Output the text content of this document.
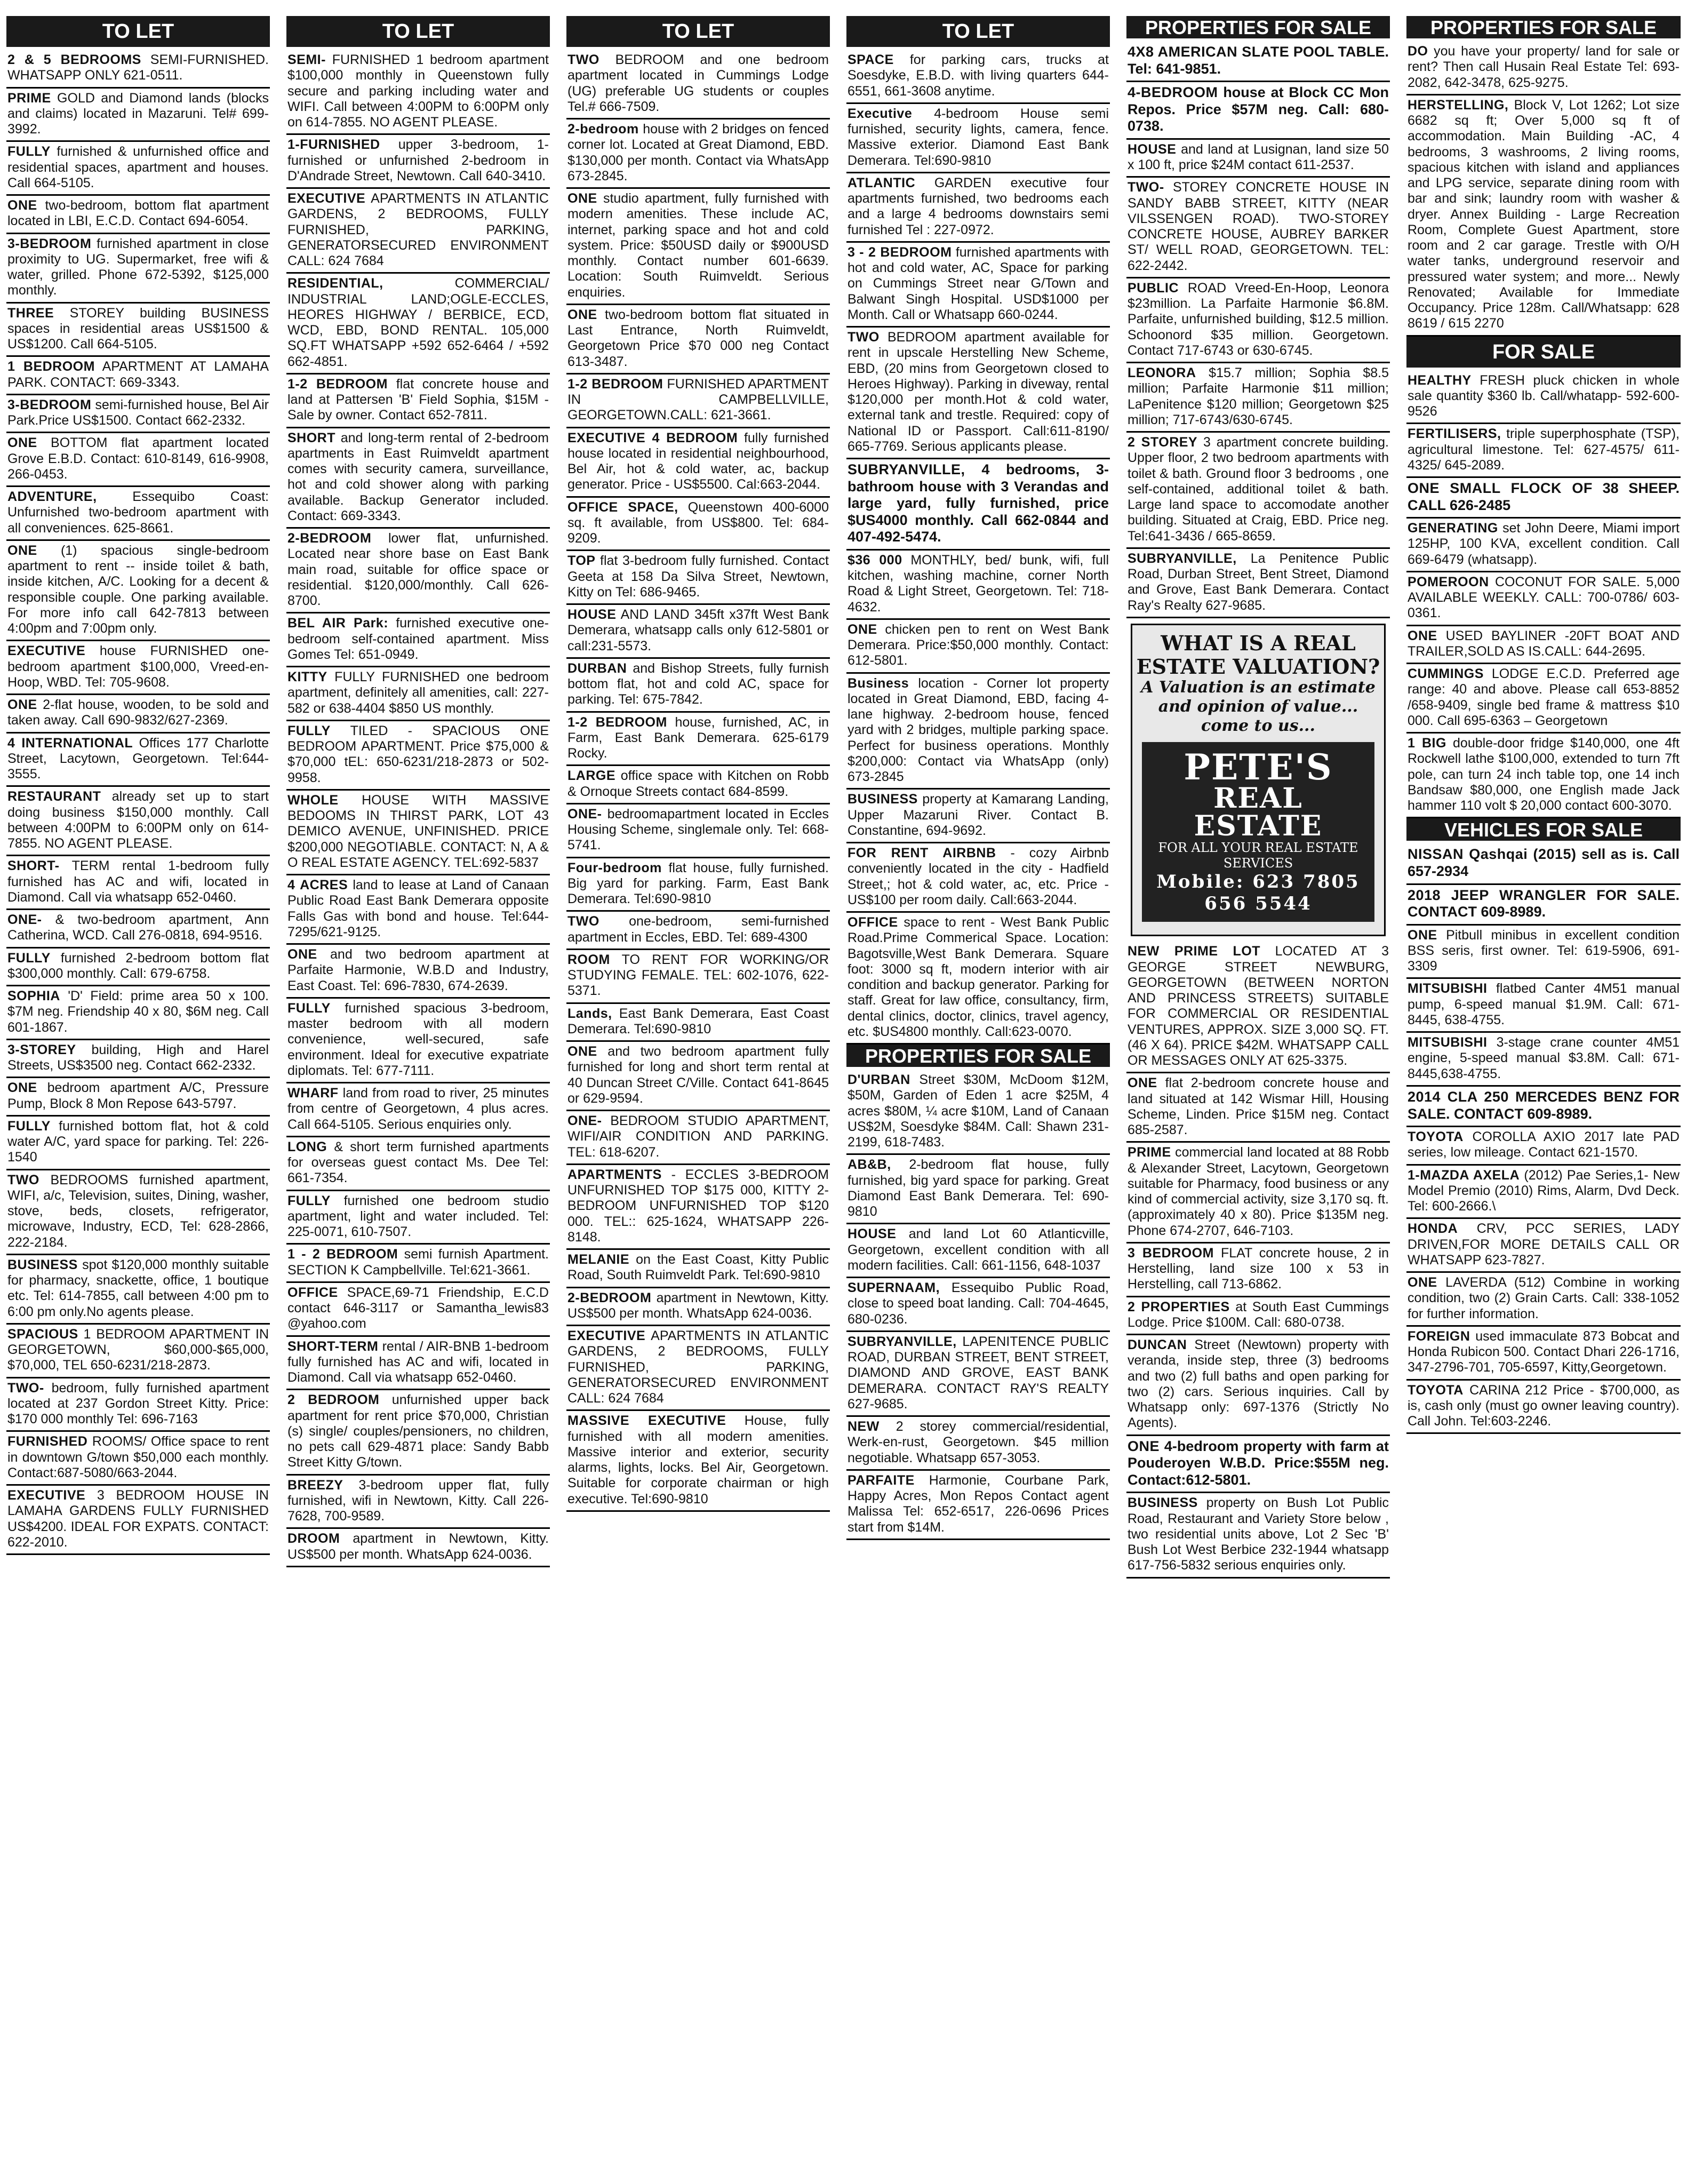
TO LET
2 & 5 BEDROOMS SEMI-FURNISHED. WHATSAPP ONLY 621-0511.
PRIME GOLD and Diamond lands (blocks and claims) located in Mazaruni. Tel# 699-3992.
FULLY furnished & unfurnished office and residential spaces, apartment and houses. Call 664-5105.
ONE two-bedroom, bottom flat apartment located in LBI, E.C.D. Contact 694-6054.
3-BEDROOM furnished apartment in close proximity to UG. Supermarket, free wifi & water, grilled. Phone 672-5392, $125,000 monthly.
THREE STOREY building BUSINESS spaces in residential areas US$1500 & US$1200. Call 664-5105.
1 BEDROOM APARTMENT AT LAMAHA PARK. CONTACT: 669-3343.
3-BEDROOM semi-furnished house, Bel Air Park.Price US$1500. Contact 662-2332.
ONE BOTTOM flat apartment located Grove E.B.D. Contact: 610-8149, 616-9908, 266-0453.
ADVENTURE,	Essequibo Coast: Unfurnished two-bedroom apartment with all conveniences. 625-8661.
ONE (1) spacious single-bedroom apartment to rent -- inside toilet & bath, inside kitchen, A/C. Looking for a decent & responsible couple. One parking available. For more info call 642-7813 between 4:00pm and 7:00pm only.
EXECUTIVE house FURNISHED one-bedroom apartment $100,000, Vreed-en-Hoop, WBD. Tel: 705-9608.
ONE 2-flat house, wooden, to be sold and taken away. Call 690-9832/627-2369.
4 INTERNATIONAL Offices 177 Charlotte Street, Lacytown, Georgetown. Tel:644-3555.
RESTAURANT already set up to start doing business $150,000 monthly. Call between 4:00PM to 6:00PM only on 614-7855. NO AGENT PLEASE.
SHORT- TERM rental 1-bedroom fully furnished has AC and wifi, located in Diamond. Call via whatsapp 652-0460.
ONE- & two-bedroom apartment, Ann Catherina, WCD. Call 276-0818, 694-9516.
FULLY furnished 2-bedroom bottom flat $300,000 monthly. Call: 679-6758.
SOPHIA 'D' Field: prime area 50 x 100. $7M neg. Friendship 40 x 80, $6M neg. Call 601-1867.
3-STOREY building, High and Harel Streets, US$3500 neg. Contact 662-2332.
ONE bedroom apartment A/C, Pressure Pump, Block 8 Mon Repose 643-5797.
FULLY furnished bottom flat, hot & cold water A/C, yard space for parking. Tel: 226-1540
TWO BEDROOMS furnished apartment, WIFI, a/c, Television, suites, Dining, washer, stove, beds, closets, refrigerator, microwave, Industry, ECD, Tel: 628-2866, 222-2184.
BUSINESS spot $120,000 monthly suitable for pharmacy, snackette, office, 1 boutique etc. Tel: 614-7855, call between 4:00 pm to 6:00 pm only.No agents please.
SPACIOUS 1 BEDROOM APARTMENT IN GEORGETOWN, $60,000-$65,000, $70,000, TEL 650-6231/218-2873.
TWO- bedroom, fully furnished apartment located at 237 Gordon Street Kitty. Price: $170 000 monthly Tel: 696-7163
FURNISHED ROOMS/ Office space to rent in downtown G/town $50,000 each monthly. Contact:687-5080/663-2044.
EXECUTIVE 3 BEDROOM HOUSE IN LAMAHA GARDENS FULLY FURNISHED US$4200. IDEAL FOR EXPATS. CONTACT: 622-2010.
TO LET
SEMI- FURNISHED 1 bedroom apartment $100,000 monthly in Queenstown fully secure and parking including water and WIFI. Call between 4:00PM to 6:00PM only on 614-7855. NO AGENT PLEASE.
1-FURNISHED upper 3-bedroom, 1-furnished or unfurnished 2-bedroom in D'Andrade Street, Newtown. Call 640-3410.
EXECUTIVE APARTMENTS IN ATLANTIC GARDENS, 2 BEDROOMS, FULLY FURNISHED, PARKING, GENERATORSECURED ENVIRONMENT CALL: 624 7684
RESIDENTIAL,	COMMERCIAL/ INDUSTRIAL LAND;OGLE-ECCLES, HEORES HIGHWAY / BERBICE, ECD, WCD, EBD, BOND RENTAL. 105,000 SQ.FT WHATSAPP +592 652-6464 / +592 662-4851.
1-2 BEDROOM flat concrete house and land at Pattersen 'B' Field Sophia, $15M - Sale by owner. Contact 652-7811.
SHORT and long-term rental of 2-bedroom apartments in East Ruimveldt apartment comes with security camera, surveillance, hot and cold shower along with parking available. Backup Generator included. Contact: 669-3343.
2-BEDROOM lower flat, unfurnished. Located near shore base on East Bank main road, suitable for office space or residential. $120,000/monthly. Call 626-8700.
BEL AIR Park: furnished executive one-bedroom self-contained apartment. Miss Gomes Tel: 651-0949.
KITTY FULLY FURNISHED one bedroom apartment, definitely all amenities, call: 227-582 or 638-4404 $850 US monthly.
FULLY TILED - SPACIOUS ONE BEDROOM APARTMENT. Price $75,000 & $70,000 tEL: 650-6231/218-2873 or 502-9958.
WHOLE HOUSE WITH MASSIVE BEDOOMS IN THIRST PARK, LOT 43 DEMICO AVENUE, UNFINISHED. PRICE $200,000 NEGOTIABLE. CONTACT: N, A & O REAL ESTATE AGENCY. TEL:692-5837
4 ACRES land to lease at Land of Canaan Public Road East Bank Demerara opposite Falls Gas with bond and house. Tel:644-7295/621-9125.
ONE and two bedroom apartment at Parfaite Harmonie, W.B.D and Industry, East Coast. Tel: 696-7830, 674-2639.
FULLY furnished spacious 3-bedroom, master bedroom with all modern convenience, well-secured, safe environment. Ideal for executive expatriate diplomats. Tel: 677-7111.
WHARF land from road to river, 25 minutes from centre of Georgetown, 4 plus acres. Call 664-5105. Serious enquiries only.
LONG & short term furnished apartments for overseas guest contact Ms. Dee Tel: 661-7354.
FULLY furnished one bedroom studio apartment, light and water included. Tel: 225-0071, 610-7507.
1 - 2 BEDROOM semi furnish Apartment. SECTION K Campbellville. Tel:621-3661.
OFFICE SPACE,69-71 Friendship, E.C.D contact 646-3117 or Samantha_lewis83 @yahoo.com
SHORT-TERM rental / AIR-BNB 1-bedroom fully furnished has AC and wifi, located in Diamond. Call via whatsapp 652-0460.
2 BEDROOM unfurnished upper back apartment for rent price $70,000, Christian (s) single/ couples/pensioners, no children, no pets call 629-4871 place: Sandy Babb Street Kitty G/town.
BREEZY 3-bedroom upper flat, fully furnished, wifi in Newtown, Kitty. Call 226-7628, 700-9589.
DROOM apartment in Newtown, Kitty. US$500 per month. WhatsApp 624-0036.
TO LET
TWO BEDROOM and one bedroom apartment located in Cummings Lodge (UG) preferable UG students or couples Tel.# 666-7509.
2-bedroom house with 2 bridges on fenced corner lot. Located at Great Diamond, EBD. $130,000 per month. Contact via WhatsApp 673-2845.
ONE studio apartment, fully furnished with modern amenities. These include AC, internet, parking space and hot and cold system. Price: $50USD daily or $900USD monthly. Contact number 601-6639. Location: South Ruimveldt. Serious enquiries.
ONE two-bedroom bottom flat situated in Last Entrance, North Ruimveldt, Georgetown Price $70 000 neg Contact 613-3487.
1-2 BEDROOM FURNISHED APARTMENT IN CAMPBELLVILLE, GEORGETOWN.CALL: 621-3661.
EXECUTIVE 4 BEDROOM fully furnished house located in residential neighbourhood, Bel Air, hot & cold water, ac, backup generator. Price - US$5500. Cal:663-2044.
OFFICE SPACE, Queenstown 400-6000 sq. ft available, from US$800. Tel: 684-9209.
TOP flat 3-bedroom fully furnished. Contact Geeta at 158 Da Silva Street, Newtown, Kitty on Tel: 686-9465.
HOUSE AND LAND 345ft x37ft West Bank Demerara, whatsapp calls only 612-5801 or call:231-5573.
DURBAN and Bishop Streets, fully furnish bottom flat, hot and cold AC, space for parking. Tel: 675-7842.
1-2 BEDROOM house, furnished, AC, in Farm, East Bank Demerara. 625-6179 Rocky.
LARGE office space with Kitchen on Robb & Ornoque Streets contact 684-8599.
ONE- bedroomapartment located in Eccles Housing Scheme, singlemale only. Tel: 668-5741.
Four-bedroom flat house, fully furnished. Big yard for parking. Farm, East Bank Demerara. Tel:690-9810
TWO one-bedroom, semi-furnished apartment in Eccles, EBD. Tel: 689-4300
ROOM TO RENT FOR WORKING/OR STUDYING FEMALE. TEL: 602-1076, 622-5371.
Lands, East Bank Demerara, East Coast Demerara. Tel:690-9810
ONE and two bedroom apartment fully furnished for long and short term rental at 40 Duncan Street C/Ville. Contact 641-8645 or 629-9594.
ONE- BEDROOM STUDIO APARTMENT, WIFI/AIR CONDITION AND PARKING. TEL: 618-6207.
APARTMENTS - ECCLES 3-BEDROOM UNFURNISHED TOP $175 000, KITTY 2-BEDROOM UNFURNISHED TOP $120 000. TEL:: 625-1624, WHATSAPP 226-8148.
MELANIE on the East Coast, Kitty Public Road, South Ruimveldt Park. Tel:690-9810
2-BEDROOM apartment in Newtown, Kitty. US$500 per month. WhatsApp 624-0036.
EXECUTIVE APARTMENTS IN ATLANTIC GARDENS, 2 BEDROOMS, FULLY FURNISHED, PARKING, GENERATORSECURED ENVIRONMENT CALL: 624 7684
MASSIVE EXECUTIVE House, fully furnished with all modern amenities. Massive interior and exterior, security alarms, lights, locks. Bel Air, Georgetown. Suitable for corporate chairman or high executive. Tel:690-9810
TO LET
SPACE for parking cars, trucks at Soesdyke, E.B.D. with living quarters 644-6551, 661-3608 anytime.
Executive 4-bedroom House semi furnished, security lights, camera, fence. Massive exterior. Diamond East Bank Demerara. Tel:690-9810
ATLANTIC GARDEN executive four apartments furnished, two bedrooms each and a large 4 bedrooms downstairs semi furnished Tel : 227-0972.
3 - 2 BEDROOM furnished apartments with hot and cold water, AC, Space for parking on Cummings Street near G/Town and Balwant Singh Hospital. USD$1000 per Month. Call or Whatsapp 660-0244.
TWO BEDROOM apartment available for rent in upscale Herstelling New Scheme, EBD, (20 mins from Georgetown closed to Heroes Highway). Parking in diveway, rental $120,000 per month.Hot & cold water, external tank and trestle. Required: copy of National ID or Passport. Call:611-8190/ 665-7769. Serious applicants please.
SUBRYANVILLE, 4 bedrooms, 3-bathroom house with 3 Verandas and large yard, fully furnished, price $US4000 monthly. Call 662-0844 and 407-492-5474.
$36 000 MONTHLY, bed/ bunk, wifi, full kitchen, washing machine, corner North Road & Light Street, Georgetown. Tel: 718-4632.
ONE chicken pen to rent on West Bank Demerara. Price:$50,000 monthly. Contact: 612-5801.
Business location - Corner lot property located in Great Diamond, EBD, facing 4-lane highway. 2-bedroom house, fenced yard with 2 bridges, multiple parking space. Perfect for business operations. Monthly $200,000: Contact via WhatsApp (only) 673-2845
BUSINESS property at Kamarang Landing, Upper Mazaruni River. Contact B. Constantine, 694-9692.
FOR RENT AIRBNB - cozy Airbnb conveniently located in the city - Hadfield Street,; hot & cold water, ac, etc. Price - US$100 per room daily. Call:663-2044.
OFFICE space to rent - West Bank Public Road.Prime Commerical Space. Location: Bagotsville,West Bank Demerara. Square foot: 3000 sq ft, modern interior with air condition and backup generator. Parking for staff. Great for law office, consultancy, firm, dental clinics, doctor, clinics, travel agency, etc. $US4800 monthly. Call:623-0070.
PROPERTIES FOR SALE
D'URBAN Street $30M, McDoom $12M, $50M, Garden of Eden 1 acre $25M, 4 acres $80M, ¼ acre $10M, Land of Canaan US$2M, Soesdyke $84M. Call: Shawn 231-2199, 618-7483.
AB&B, 2-bedroom flat house, fully furnished, big yard space for parking. Great Diamond East Bank Demerara. Tel: 690-9810
HOUSE and land Lot 60 Atlanticville, Georgetown, excellent condition with all modern facilities. Call: 661-1156, 648-1037
SUPERNAAM, Essequibo Public Road, close to speed boat landing. Call: 704-4645, 680-0236.
SUBRYANVILLE, LAPENITENCE PUBLIC ROAD, DURBAN STREET, BENT STREET, DIAMOND AND GROVE, EAST BANK DEMERARA. CONTACT RAY'S REALTY 627-9685.
NEW 2 storey commercial/residential, Werk-en-rust, Georgetown. $45 million negotiable. Whatsapp 657-3053.
PARFAITE Harmonie, Courbane Park, Happy Acres, Mon Repos Contact agent Malissa Tel: 652-6517, 226-0696 Prices start from $14M.
PROPERTIES FOR SALE
4X8 AMERICAN SLATE POOL TABLE. Tel: 641-9851.
4-BEDROOM house at Block CC Mon Repos. Price $57M neg. Call: 680-0738.
HOUSE and land at Lusignan, land size 50 x 100 ft, price $24M contact 611-2537.
TWO- STOREY CONCRETE HOUSE IN SANDY BABB STREET, KITTY (NEAR VILSSENGEN ROAD). TWO-STOREY CONCRETE HOUSE, AUBREY BARKER ST/ WELL ROAD, GEORGETOWN. TEL: 622-2442.
PUBLIC ROAD Vreed-En-Hoop, Leonora $23million. La Parfaite Harmonie $6.8M. Parfaite, unfurnished building, $12.5 million. Schoonord $35 million. Georgetown. Contact 717-6743 or 630-6745.
LEONORA $15.7 million; Sophia $8.5 million; Parfaite Harmonie $11 million; LaPenitence $120 million; Georgetown $25 million; 717-6743/630-6745.
2 STOREY 3 apartment concrete building. Upper floor, 2 two bedroom apartments with toilet & bath. Ground floor 3 bedrooms , one self-contained, additional toilet & bath. Large land space to accomodate another building. Situated at Craig, EBD. Price neg. Tel:641-3436 / 665-8659.
SUBRYANVILLE, La Penitence Public Road, Durban Street, Bent Street, Diamond and Grove, East Bank Demerara. Contact Ray's Realty 627-9685.
WHAT IS A REAL ESTATE VALUATION?
A Valuation is an estimate and opinion of value... come to us...
PETE'S
REAL ESTATE
FOR ALL YOUR REAL ESTATE SERVICES
Mobile: 623 7805
656 5544
NEW PRIME LOT LOCATED AT 3 GEORGE STREET NEWBURG, GEORGETOWN (BETWEEN NORTON AND PRINCESS STREETS) SUITABLE FOR COMMERCIAL OR RESIDENTIAL VENTURES, APPROX. SIZE 3,000 SQ. FT. (46 X 64). PRICE $42M. WHATSAPP CALL OR MESSAGES ONLY AT 625-3375.
ONE flat 2-bedroom concrete house and land situated at 142 Wismar Hill, Housing Scheme, Linden. Price $15M neg. Contact 685-2587.
PRIME commercial land located at 88 Robb & Alexander Street, Lacytown, Georgetown suitable for Pharmacy, food business or any kind of commercial activity, size 3,170 sq. ft. (approximately 40 x 80). Price $135M neg. Phone 674-2707, 646-7103.
3 BEDROOM FLAT concrete house, 2 in Herstelling, land size 100 x 53 in Herstelling, call 713-6862.
2 PROPERTIES at South East Cummings Lodge. Price $100M. Call: 680-0738.
DUNCAN Street (Newtown) property with veranda, inside step, three (3) bedrooms and two (2) full baths and open parking for two (2) cars. Serious inquiries. Call by Whatsapp only: 697-1376 (Strictly No Agents).
ONE 4-bedroom property with farm at Pouderoyen W.B.D. Price:$55M neg. Contact:612-5801.
BUSINESS property on Bush Lot Public Road, Restaurant and Variety Store below , two residential units above, Lot 2 Sec 'B' Bush Lot West Berbice 232-1944 whatsapp 617-756-5832 serious enquiries only.
PROPERTIES FOR SALE
DO you have your property/ land for sale or rent? Then call Husain Real Estate Tel: 693-2082, 642-3478, 625-9275.
HERSTELLING, Block V, Lot 1262; Lot size 6682 sq ft; Over 5,000 sq ft of accommodation. Main Building -AC, 4 bedrooms, 3 washrooms, 2 living rooms, spacious kitchen with island and appliances and LPG service, separate dining room with bar and sink; laundry room with washer & dryer. Annex Building - Large Recreation Room, Complete Guest Apartment, store room and 2 car garage. Trestle with O/H water tanks, underground reservoir and pressured water system; and more... Newly Renovated; Available for Immediate Occupancy. Price 128m. Call/Whatsapp: 628 8619 / 615 2270
FOR SALE
HEALTHY FRESH pluck chicken in whole sale quantity $360 lb. Call/whatapp- 592-600-9526
FERTILISERS, triple superphosphate (TSP), agricultural limestone. Tel: 627-4575/ 611-4325/ 645-2089.
ONE SMALL FLOCK OF 38 SHEEP. CALL 626-2485
GENERATING set John Deere, Miami import 125HP, 100 KVA, excellent condition. Call 669-6479 (whatsapp).
POMEROON COCONUT FOR SALE. 5,000 AVAILABLE WEEKLY. CALL: 700-0786/ 603-0361.
ONE USED BAYLINER -20FT BOAT AND TRAILER,SOLD AS IS.CALL: 644-2695.
CUMMINGS LODGE E.C.D. Preferred age range: 40 and above. Please call 653-8852 /658-9409, single bed frame & mattress $10 000. Call 695-6363 – Georgetown
1 BIG double-door fridge $140,000, one 4ft Rockwell lathe $100,000, extended to turn 7ft pole, can turn 24 inch table top, one 14 inch Bandsaw $80,000, one English made Jack hammer 110 volt $ 20,000 contact 600-3070.
VEHICLES FOR SALE
NISSAN Qashqai (2015) sell as is. Call 657-2934
2018 JEEP WRANGLER FOR SALE. CONTACT 609-8989.
ONE Pitbull minibus in excellent condition BSS seris, first owner. Tel: 619-5906, 691-3309
MITSUBISHI flatbed Canter 4M51 manual pump, 6-speed manual $1.9M. Call: 671-8445, 638-4755.
MITSUBISHI 3-stage crane counter 4M51 engine, 5-speed manual $3.8M. Call: 671-8445,638-4755.
2014 CLA 250 MERCEDES BENZ FOR SALE. CONTACT 609-8989.
TOYOTA COROLLA AXIO 2017 late PAD series, low mileage. Contact 621-1570.
1-MAZDA AXELA (2012) Pae Series,1- New Model Premio (2010) Rims, Alarm, Dvd Deck. Tel: 600-2666.\
HONDA CRV, PCC SERIES, LADY DRIVEN,FOR MORE DETAILS CALL OR WHATSAPP 623-7827.
ONE LAVERDA (512) Combine in working condition, two (2) Grain Carts. Call: 338-1052 for further information.
FOREIGN used immaculate 873 Bobcat and Honda Rubicon 500. Contact Dhari 226-1716, 347-2796-701, 705-6597, Kitty,Georgetown.
TOYOTA CARINA 212 Price - $700,000, as is, cash only (must go owner leaving country). Call John. Tel:603-2246.
